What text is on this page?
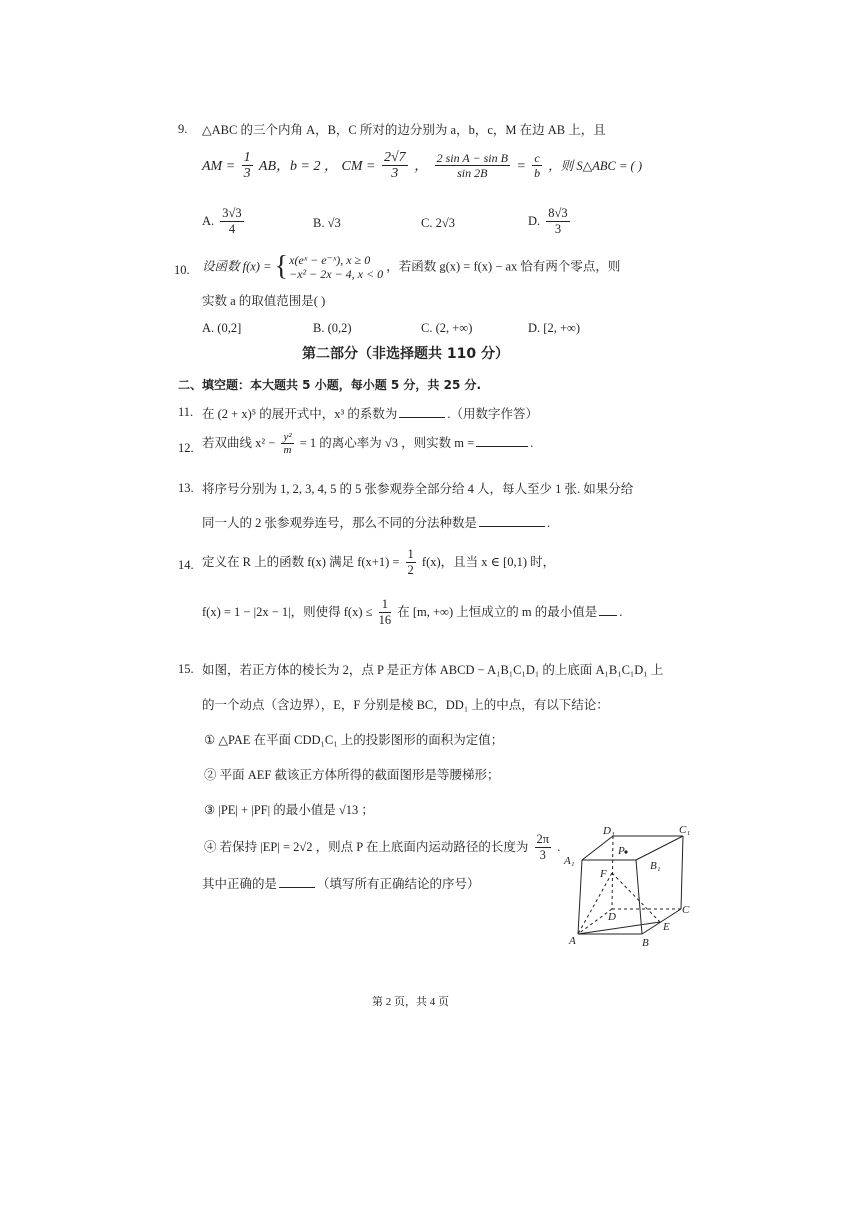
9. △ABC 的三个内角 A，B，C 所对的边分别为 a，b，c，M 在边 AB 上，且
AM = $\frac{1}{3}$ AB，b = 2 ， CM = $\frac{2√7}{3}$ ， $\frac{\text{2 sin A − sin B}}{\sin 2B} = \frac{c}{b}$ ，则 S△ABC = ( )
A. $\frac{3√3}{4}$	B. √3	C. 2√3	D. $\frac{8√3}{3}$
10. 设函数 f(x) = {x(eˣ − e⁻ˣ), x ≥ 0
−x² − 2x − 4, x < 0 ，若函数 g(x) = f(x) − ax 恰有两个零点，则
实数 a 的取值范围是( )
A. (0,2]	B. (0,2)	C. (2, +∞)	D. [2, +∞)
第二部分（非选择题共 110 分）
二、填空题：本大题共 5 小题，每小题 5 分，共 25 分.
11. 在 (2 + x)⁵ 的展开式中，x³ 的系数为	.（用数字作答）
12. 若双曲线 $x^2 - \frac{\text{y²}}{m} = 1$ 的离心率为 √3 ，则实数 m =	.
13. 将序号分别为 1, 2, 3, 4, 5 的 5 张参观券全部分给 4 人，每人至少 1 张. 如果分给
同一人的 2 张参观券连号，那么不同的分法种数是	.
14. 定义在 R 上的函数 f(x) 满足 $f(x+1) = \frac{1}{2} f(x)$，且当 x ∈ [0,1) 时，
f(x) = 1 − |2x − 1|，则使得 $f(x) \le \frac{1}{16}$ 在 [m, +∞) 上恒成立的 m 的最小值是 .
15. 如图，若正方体的棱长为 2，点 P 是正方体 ABCD − A₁B₁C₁D₁ 的上底面 A₁B₁C₁D₁ 上
的一个动点（含边界），E，F 分别是棱 BC，DD₁ 上的中点，有以下结论：
① △PAE 在平面 CDD₁C₁ 上的投影图形的面积为定值；
② 平面 AEF 截该正方体所得的截面图形是等腰梯形；
③ |PE| + |PF| 的最小值是 √13 ；
④ 若保持 |EP| = 2√2 ，则点 P 在上底面内运动路径的长度为 $\frac{2\pi}{3}$ .
其中正确的是	（填写所有正确结论的序号）
D₁	C₁
A₁	B₁
P
F
D
C
E
A	B
第 2 页，共 4 页
